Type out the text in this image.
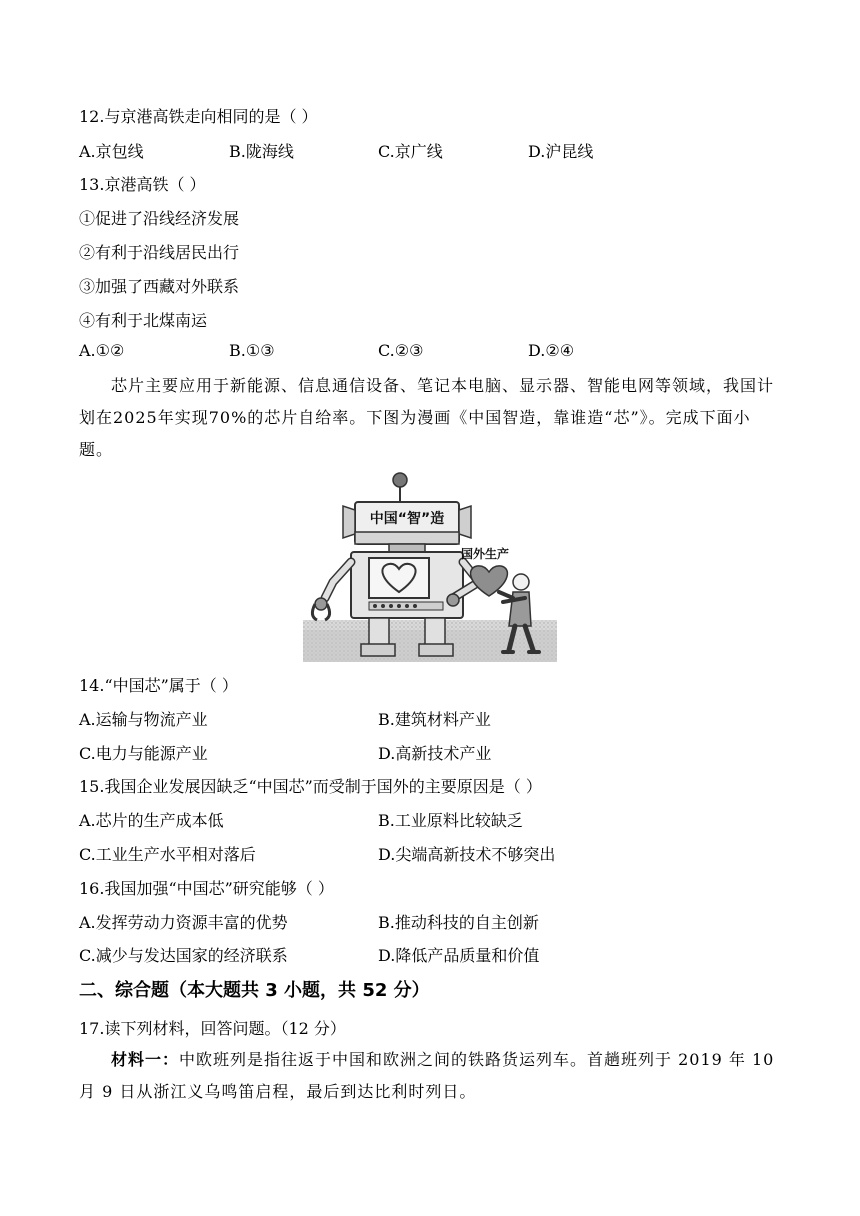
12.与京港高铁走向相同的是（ ）
A.京包线	B.陇海线	C.京广线	D.沪昆线
13.京港高铁（ ）
①促进了沿线经济发展
②有利于沿线居民出行
③加强了西藏对外联系
④有利于北煤南运
A.①②	B.①③	C.②③	D.②④
芯片主要应用于新能源、信息通信设备、笔记本电脑、显示器、智能电网等领域，我国计划在2025年实现70%的芯片自给率。下图为漫画《中国智造，靠谁造“芯”》。完成下面小题。
中国“智”造
国外生产
14.“中国芯”属于（ ）
A.运输与物流产业	B.建筑材料产业
C.电力与能源产业	D.高新技术产业
15.我国企业发展因缺乏“中国芯”而受制于国外的主要原因是（ ）
A.芯片的生产成本低	B.工业原料比较缺乏
C.工业生产水平相对落后	D.尖端高新技术不够突出
16.我国加强“中国芯”研究能够（ ）
A.发挥劳动力资源丰富的优势	B.推动科技的自主创新
C.减少与发达国家的经济联系	D.降低产品质量和价值
二、综合题（本大题共 3 小题，共 52 分）
17.读下列材料，回答问题。（12 分）
材料一：中欧班列是指往返于中国和欧洲之间的铁路货运列车。首趟班列于 2019 年 10 月 9 日从浙江义乌鸣笛启程，最后到达比利时列日。
